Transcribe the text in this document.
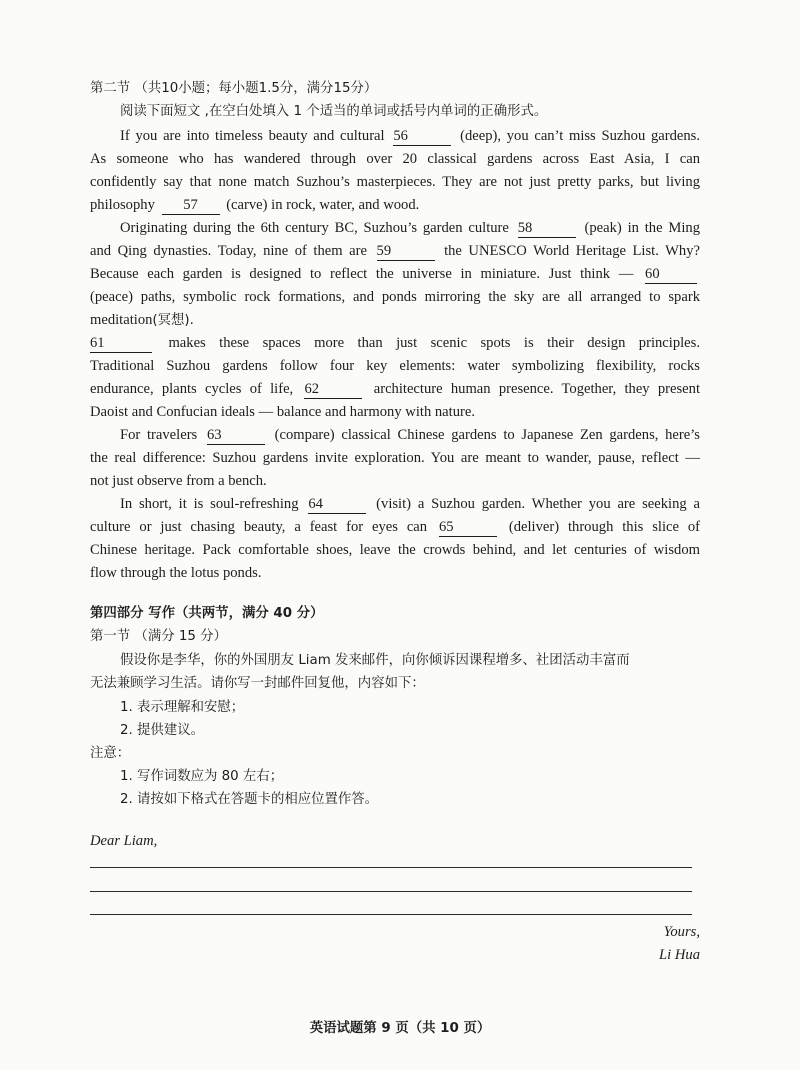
第二节 （共10小题；每小题1.5分，满分15分）
阅读下面短文 ,在空白处填入 1 个适当的单词或括号内单词的正确形式。
If you are into timeless beauty and cultural 56	(deep), you can’t miss Suzhou gardens.
As someone who has wandered through over 20 classical gardens across East Asia, I can
confidently say that none match Suzhou’s masterpieces. They are not just pretty parks, but living
philosophy 57 (carve) in rock, water, and wood.
Originating during the 6th century BC, Suzhou’s garden culture 58	(peak) in the Ming
and Qing dynasties. Today, nine of them are 59	the UNESCO World Heritage List. Why?
Because each garden is designed to reflect the universe in miniature. Just think — 60
(peace) paths, symbolic rock formations, and ponds mirroring the sky are all arranged to spark
meditation(冥想).
61	makes these spaces more than just scenic spots is their design principles.
Traditional Suzhou gardens follow four key elements: water symbolizing flexibility, rocks
endurance, plants cycles of life, 62	architecture human presence. Together, they present
Daoist and Confucian ideals — balance and harmony with nature.
For travelers 63	(compare) classical Chinese gardens to Japanese Zen gardens, here’s
the real difference: Suzhou gardens invite exploration. You are meant to wander, pause, reflect —
not just observe from a bench.
In short, it is soul-refreshing 64	(visit) a Suzhou garden. Whether you are seeking a
culture or just chasing beauty, a feast for eyes can 65	(deliver) through this slice of
Chinese heritage. Pack comfortable shoes, leave the crowds behind, and let centuries of wisdom
flow through the lotus ponds.
第四部分 写作（共两节，满分 40 分）
第一节 （满分 15 分）
假设你是李华，你的外国朋友 Liam 发来邮件，向你倾诉因课程增多、社团活动丰富而
无法兼顾学习生活。请你写一封邮件回复他，内容如下：
1. 表示理解和安慰；
2. 提供建议。
注意：
1. 写作词数应为 80 左右；
2. 请按如下格式在答题卡的相应位置作答。
Dear Liam,
Yours,
Li Hua
英语试题第 9 页（共 10 页）
